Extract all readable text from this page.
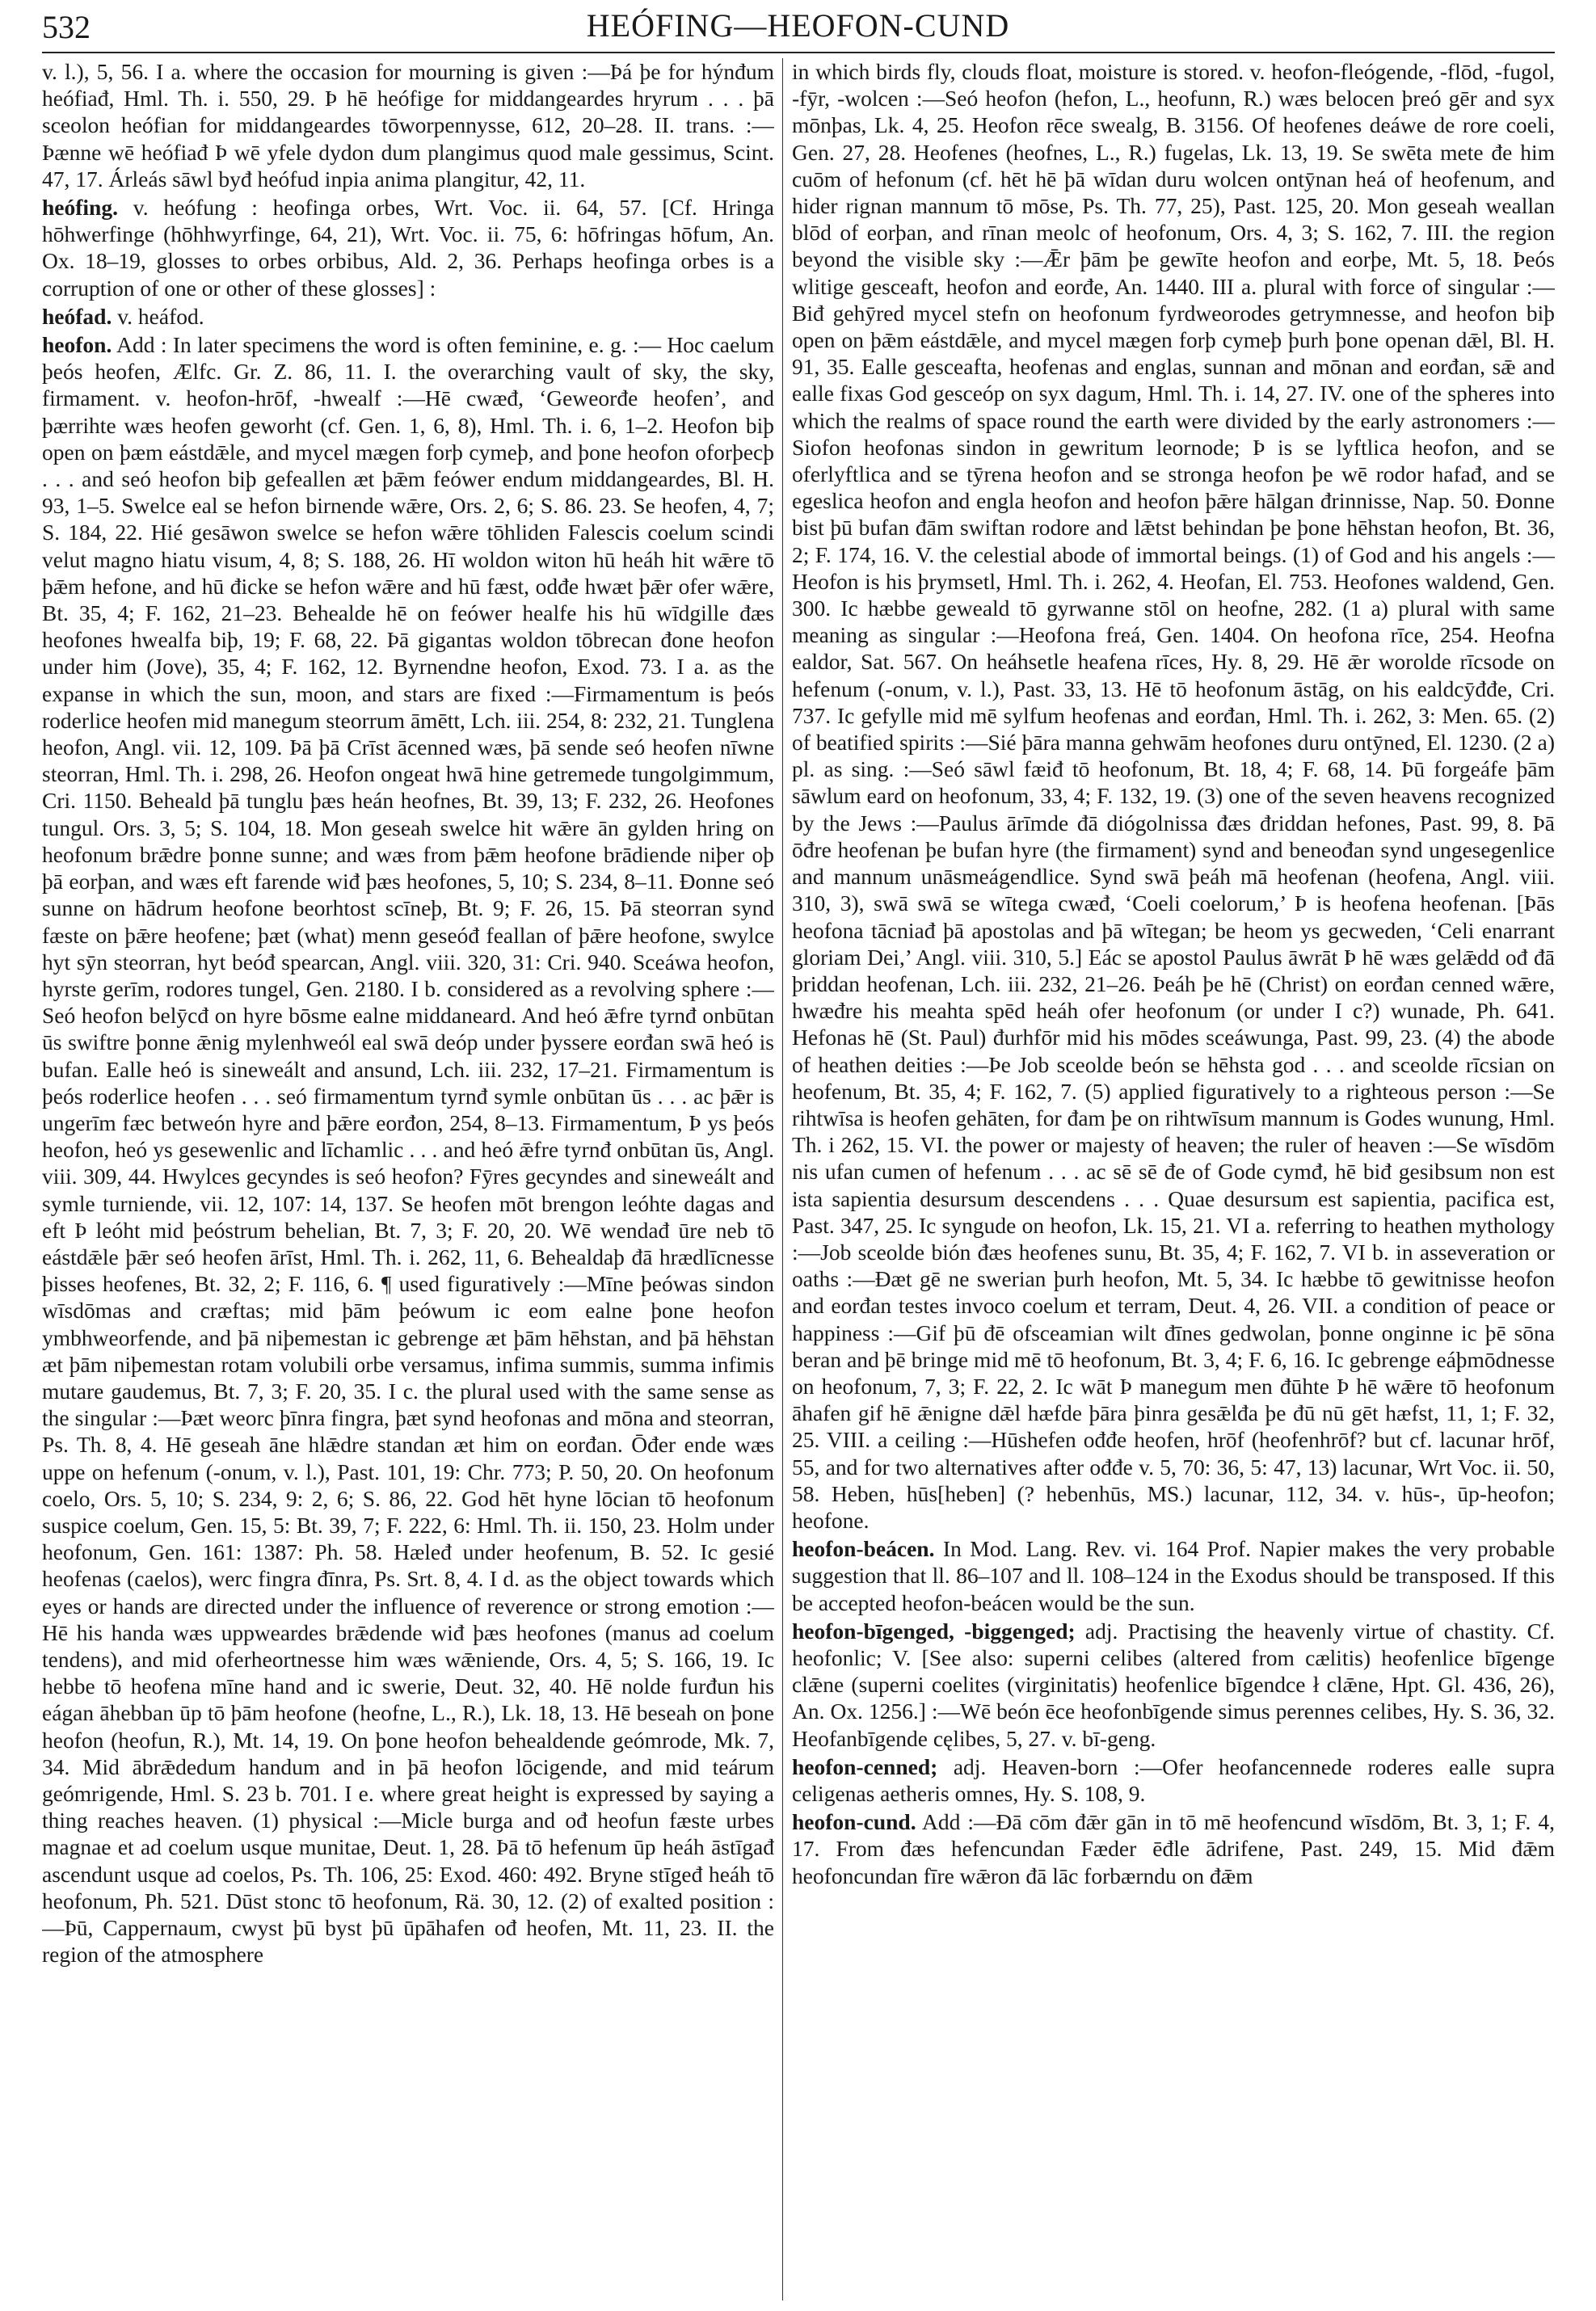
532	HEÓFING—HEOFON-CUND

v. l.), 5, 56. I a. where the occasion for mourning is given :—Þá þe for hýnđum heófiađ, Hml. Th. i. 550, 29. Þ hē heófige for middangeardes hryrum . . . þā sceolon heófian for middangeardes tōworpennysse, 612, 20–28. II. trans. :—Þænne wē heófiađ Þ wē yfele dydon dum plangimus quod male gessimus, Scint. 47, 17. Árleás sāwl byđ heófud inpia anima plangitur, 42, 11.

heófing. v. heófung : heofinga orbes, Wrt. Voc. ii. 64, 57. [Cf. Hringa hōhwerfinge (hōhhwyrfinge, 64, 21), Wrt. Voc. ii. 75, 6: hōfringas hōfum, An. Ox. 18–19, glosses to orbes orbibus, Ald. 2, 36. Perhaps heofinga orbes is a corruption of one or other of these glosses] :

heófad. v. heáfod.

heofon. Add : In later specimens the word is often feminine, e. g. :— Hoc caelum þeós heofen, Ælfc. Gr. Z. 86, 11. I. the overarching vault of sky, the sky, firmament. v. heofon-hrōf, -hwealf :—Hē cwæđ, ‘Geweorđe heofen’, and þærrihte wæs heofen geworht (cf. Gen. 1, 6, 8), Hml. Th. i. 6, 1–2. Heofon biþ open on þæm eástdǣle, and mycel mægen forþ cymeþ, and þone heofon oforþecþ . . . and seó heofon biþ gefeallen æt þǣm feówer endum middangeardes, Bl. H. 93, 1–5. Swelce eal se hefon birnende wǣre, Ors. 2, 6; S. 86. 23. Se heofen, 4, 7; S. 184, 22. Hié gesāwon swelce se hefon wǣre tōhliden Falescis coelum scindi velut magno hiatu visum, 4, 8; S. 188, 26. Hī woldon witon hū heáh hit wǣre tō þǣm hefone, and hū đicke se hefon wǣre and hū fæst, odđe hwæt þǣr ofer wǣre, Bt. 35, 4; F. 162, 21–23. Behealde hē on feówer healfe his hū wīdgille đæs heofones hwealfa biþ, 19; F. 68, 22. Þā gigantas woldon tōbrecan đone heofon under him (Jove), 35, 4; F. 162, 12. Byrnendne heofon, Exod. 73. I a. as the expanse in which the sun, moon, and stars are fixed :—Firmamentum is þeós roderlice heofen mid manegum steorrum āmētt, Lch. iii. 254, 8: 232, 21. Tunglena heofon, Angl. vii. 12, 109. Þā þā Crīst ācenned wæs, þā sende seó heofen nīwne steorran, Hml. Th. i. 298, 26. Heofon ongeat hwā hine getremede tungolgimmum, Cri. 1150. Beheald þā tunglu þæs heán heofnes, Bt. 39, 13; F. 232, 26. Heofones tungul. Ors. 3, 5; S. 104, 18. Mon geseah swelce hit wǣre ān gylden hring on heofonum brǣdre þonne sunne; and wæs from þǣm heofone brādiende niþer oþ þā eorþan, and wæs eft farende wiđ þæs heofones, 5, 10; S. 234, 8–11. Đonne seó sunne on hādrum heofone beorhtost scīneþ, Bt. 9; F. 26, 15. Þā steorran synd fæste on þǣre heofene; þæt (what) menn geseóđ feallan of þǣre heofone, swylce hyt sȳn steorran, hyt beóđ spearcan, Angl. viii. 320, 31: Cri. 940. Sceáwa heofon, hyrste gerīm, rodores tungel, Gen. 2180. I b. considered as a revolving sphere :—Seó heofon belȳcđ on hyre bōsme ealne middaneard. And heó ǣfre tyrnđ onbūtan ūs swiftre þonne ǣnig mylenhweól eal swā deóp under þyssere eorđan swā heó is bufan. Ealle heó is sineweált and ansund, Lch. iii. 232, 17–21. Firmamentum is þeós roderlice heofen . . . seó firmamentum tyrnđ symle onbūtan ūs . . . ac þǣr is ungerīm fæc betweón hyre and þǣre eorđon, 254, 8–13. Firmamentum, Þ ys þeós heofon, heó ys gesewenlic and līchamlic . . . and heó ǣfre tyrnđ onbūtan ūs, Angl. viii. 309, 44. Hwylces gecyndes is seó heofon? Fȳres gecyndes and sineweált and symle turniende, vii. 12, 107: 14, 137. Se heofen mōt brengon leóhte dagas and eft Þ leóht mid þeóstrum behelian, Bt. 7, 3; F. 20, 20. Wē wendađ ūre neb tō eástdǣle þǣr seó heofen ārīst, Hml. Th. i. 262, 11, 6. Behealdaþ đā hrædlīcnesse þisses heofenes, Bt. 32, 2; F. 116, 6. ¶ used figuratively :—Mīne þeówas sindon wīsdōmas and cræftas; mid þām þeówum ic eom ealne þone heofon ymbhweorfende, and þā niþemestan ic gebrenge æt þām hēhstan, and þā hēhstan æt þām niþemestan rotam volubili orbe versamus, infima summis, summa infimis mutare gaudemus, Bt. 7, 3; F. 20, 35. I c. the plural used with the same sense as the singular :—Þæt weorc þīnra fingra, þæt synd heofonas and mōna and steorran, Ps. Th. 8, 4. Hē geseah āne hlǣdre standan æt him on eorđan. Ōđer ende wæs uppe on hefenum (-onum, v. l.), Past. 101, 19: Chr. 773; P. 50, 20. On heofonum coelo, Ors. 5, 10; S. 234, 9: 2, 6; S. 86, 22. God hēt hyne lōcian tō heofonum suspice coelum, Gen. 15, 5: Bt. 39, 7; F. 222, 6: Hml. Th. ii. 150, 23. Holm under heofonum, Gen. 161: 1387: Ph. 58. Hæleđ under heofenum, B. 52. Ic gesié heofenas (caelos), werc fingra đīnra, Ps. Srt. 8, 4. I d. as the object towards which eyes or hands are directed under the influence of reverence or strong emotion :—Hē his handa wæs uppweardes brǣdende wiđ þæs heofones (manus ad coelum tendens), and mid oferheortnesse him wæs wǣniende, Ors. 4, 5; S. 166, 19. Ic hebbe tō heofena mīne hand and ic swerie, Deut. 32, 40. Hē nolde furđun his eágan āhebban ūp tō þām heofone (heofne, L., R.), Lk. 18, 13. Hē beseah on þone heofon (heofun, R.), Mt. 14, 19. On þone heofon behealdende geómrode, Mk. 7, 34. Mid ābrǣdedum handum and in þā heofon lōcigende, and mid teárum geómrigende, Hml. S. 23 b. 701. I e. where great height is expressed by saying a thing reaches heaven. (1) physical :—Micle burga and ođ heofun fæste urbes magnae et ad coelum usque munitae, Deut. 1, 28. Þā tō hefenum ūp heáh āstīgađ ascendunt usque ad coelos, Ps. Th. 106, 25: Exod. 460: 492. Bryne stīgeđ heáh tō heofonum, Ph. 521. Dūst stonc tō heofonum, Rä. 30, 12. (2) of exalted position :—Þū, Cappernaum, cwyst þū byst þū ūpāhafen ođ heofen, Mt. 11, 23. II. the region of the atmosphere

in which birds fly, clouds float, moisture is stored. v. heofon-fleógende, -flōd, -fugol, -fȳr, -wolcen :—Seó heofon (hefon, L., heofunn, R.) wæs belocen þreó gēr and syx mōnþas, Lk. 4, 25. Heofon rēce swealg, B. 3156. Of heofenes deáwe de rore coeli, Gen. 27, 28. Heofenes (heofnes, L., R.) fugelas, Lk. 13, 19. Se swēta mete đe him cuōm of hefonum (cf. hēt hē þā wīdan duru wolcen ontȳnan heá of heofenum, and hider rignan mannum tō mōse, Ps. Th. 77, 25), Past. 125, 20. Mon geseah weallan blōd of eorþan, and rīnan meolc of heofonum, Ors. 4, 3; S. 162, 7. III. the region beyond the visible sky :—Ǣr þām þe gewīte heofon and eorþe, Mt. 5, 18. Þeós wlitige gesceaft, heofon and eorđe, An. 1440. III a. plural with force of singular :—Biđ gehȳred mycel stefn on heofonum fyrdweorodes getrymnesse, and heofon biþ open on þǣm eástdǣle, and mycel mægen forþ cymeþ þurh þone openan dǣl, Bl. H. 91, 35. Ealle gesceafta, heofenas and englas, sunnan and mōnan and eorđan, sǣ and ealle fixas God gesceóp on syx dagum, Hml. Th. i. 14, 27. IV. one of the spheres into which the realms of space round the earth were divided by the early astronomers :—Siofon heofonas sindon in gewritum leornode; Þ is se lyftlica heofon, and se oferlyftlica and se tȳrena heofon and se stronga heofon þe wē rodor hafađ, and se egeslica heofon and engla heofon and heofon þǣre hālgan đrinnisse, Nap. 50. Đonne bist þū bufan đām swiftan rodore and lǣtst behindan þe þone hēhstan heofon, Bt. 36, 2; F. 174, 16. V. the celestial abode of immortal beings. (1) of God and his angels :—Heofon is his þrymsetl, Hml. Th. i. 262, 4. Heofan, El. 753. Heofones waldend, Gen. 300. Ic hæbbe geweald tō gyrwanne stōl on heofne, 282. (1 a) plural with same meaning as singular :—Heofona freá, Gen. 1404. On heofona rīce, 254. Heofna ealdor, Sat. 567. On heáhsetle heafena rīces, Hy. 8, 29. Hē ǣr woroldе rīcsode on hefenum (-onum, v. l.), Past. 33, 13. Hē tō heofonum āstāg, on his ealdcȳđđe, Cri. 737. Ic gefylle mid mē sylfum heofenas and eorđan, Hml. Th. i. 262, 3: Men. 65. (2) of beatified spirits :—Sié þāra manna gehwām heofones duru ontȳned, El. 1230. (2 a) pl. as sing. :—Seó sāwl fæiđ tō heofonum, Bt. 18, 4; F. 68, 14. Þū forgeáfe þām sāwlum eard on heofonum, 33, 4; F. 132, 19. (3) one of the seven heavens recognized by the Jews :—Paulus ārīmde đā diógolnissa đæs đriddan hefones, Past. 99, 8. Þā ōđre heofenan þe bufan hyre (the firmament) synd and beneođan synd ungesegenlice and mannum unāsmeágendlice. Synd swā þeáh mā heofenan (heofena, Angl. viii. 310, 3), swā swā se wītega cwæđ, ‘Coeli coelorum,’ Þ is heofena heofenan. [Þās heofona tācniađ þā apostolas and þā wītegan; be heom ys gecweden, ‘Celi enarrant gloriam Dei,’ Angl. viii. 310, 5.] Eác se apostol Paulus āwrāt Þ hē wæs gelǣdd ođ đā þriddan heofenan, Lch. iii. 232, 21–26. Þeáh þe hē (Christ) on eorđan cenned wǣre, hwæđre his meahta spēd heáh ofer heofonum (or under I c?) wunade, Ph. 641. Hefonas hē (St. Paul) đurhfōr mid his mōdes sceáwunga, Past. 99, 23. (4) the abode of heathen deities :—Þe Job sceolde beón se hēhsta god . . . and sceolde rīcsian on heofenum, Bt. 35, 4; F. 162, 7. (5) applied figuratively to a righteous person :—Se rihtwīsa is heofen gehāten, for đam þe on rihtwīsum mannum is Godes wunung, Hml. Th. i 262, 15. VI. the power or majesty of heaven; the ruler of heaven :—Se wīsdōm nis ufan cumen of hefenum . . . ac sē sē đe of Gode cymđ, hē biđ gesibsum non est ista sapientia desursum descendens . . . Quae desursum est sapientia, pacifica est, Past. 347, 25. Ic syngude on heofon, Lk. 15, 21. VI a. referring to heathen mythology :—Job sceolde bión đæs heofenes sunu, Bt. 35, 4; F. 162, 7. VI b. in asseveration or oaths :—Đæt gē ne swerian þurh heofon, Mt. 5, 34. Ic hæbbe tō gewitnisse heofon and eorđan testes invoco coelum et terram, Deut. 4, 26. VII. a condition of peace or happiness :—Gif þū đē ofsceamian wilt đīnes gedwolan, þonne onginne ic þē sōna beran and þē bringe mid mē tō heofonum, Bt. 3, 4; F. 6, 16. Ic gebrenge eáþmōdnesse on heofonum, 7, 3; F. 22, 2. Ic wāt Þ manegum men đūhte Þ hē wǣre tō heofonum āhafen gif hē ǣnigne dǣl hæfde þāra þinra gesǣlđa þe đū nū gēt hæfst, 11, 1; F. 32, 25. VIII. a ceiling :—Hūshefen ođđe heofen, hrōf (heofenhrōf? but cf. lacunar hrōf, 55, and for two alternatives after ođđe v. 5, 70: 36, 5: 47, 13) lacunar, Wrt Voc. ii. 50, 58. Heben, hūs[heben] (? hebenhūs, MS.) lacunar, 112, 34. v. hūs-, ūp-heofon; heofone.

heofon-beácen. In Mod. Lang. Rev. vi. 164 Prof. Napier makes the very probable suggestion that ll. 86–107 and ll. 108–124 in the Exodus should be transposed. If this be accepted heofon-beácen would be the sun.

heofon-bīgenged, -biggenged; adj. Practising the heavenly virtue of chastity. Cf. heofonlic; V. [See also: superni celibes (altered from cælitis) heofenlice bīgenge clǣne (superni coelites (virginitatis) heofenlice bīgendce ł clǣne, Hpt. Gl. 436, 26), An. Ox. 1256.] :—Wē beón ēce heofonbīgende simus perennes celibes, Hy. S. 36, 32. Heofanbīgende cęlibes, 5, 27. v. bī-geng.

heofon-cenned; adj. Heaven-born :—Ofer heofancennede roderes ealle supra celigenas aetheris omnes, Hy. S. 108, 9.

heofon-cund. Add :—Đā cōm đǣr gān in tō mē heofencund wīsdōm, Bt. 3, 1; F. 4, 17. From đæs hefencundan Fæder ēđle ādrifene, Past. 249, 15. Mid đǣm heofoncundan fīre wǣron đā lāc forbærndu on đǣm
